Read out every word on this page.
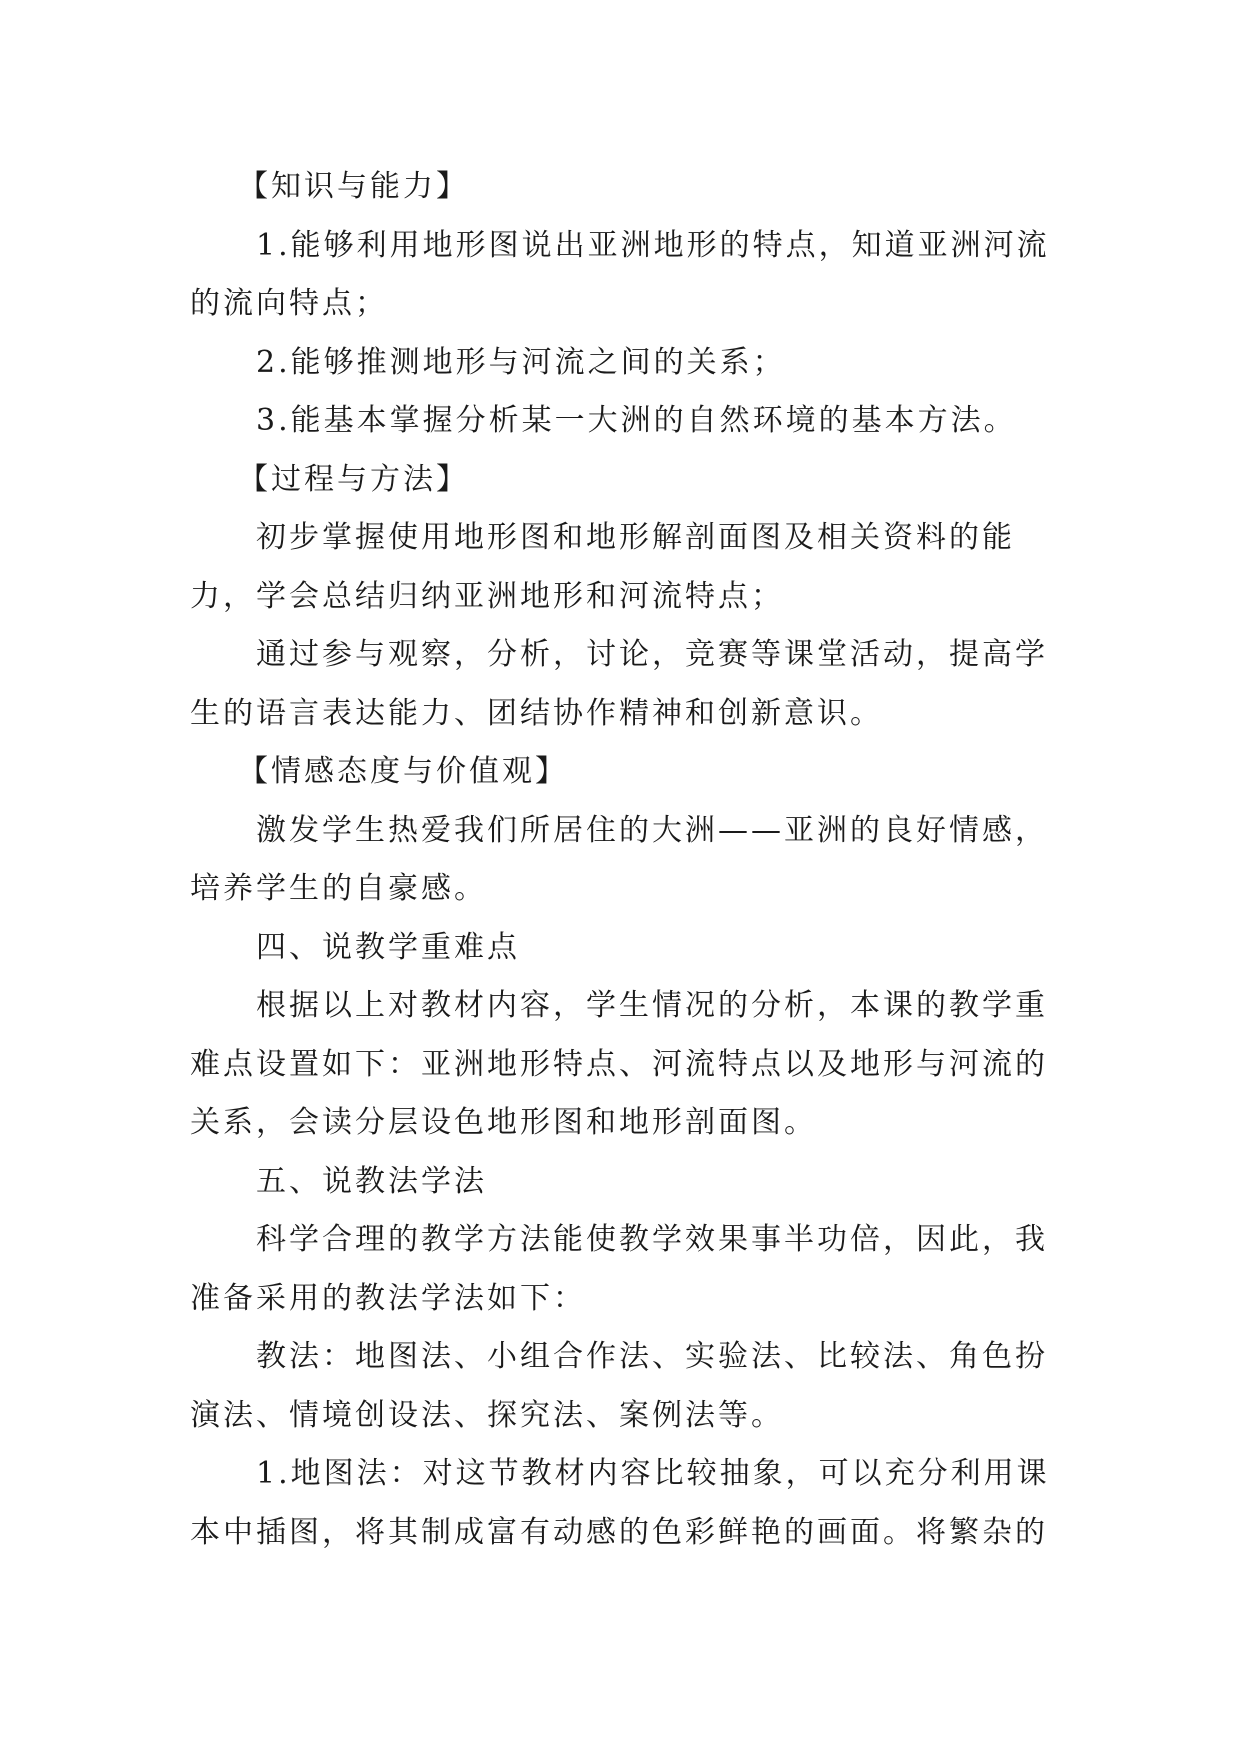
【知识与能力】
1.能够利用地形图说出亚洲地形的特点，知道亚洲河流
的流向特点；
2.能够推测地形与河流之间的关系；
3.能基本掌握分析某一大洲的自然环境的基本方法。
【过程与方法】
初步掌握使用地形图和地形解剖面图及相关资料的能
力，学会总结归纳亚洲地形和河流特点；
通过参与观察，分析，讨论，竞赛等课堂活动，提高学
生的语言表达能力、团结协作精神和创新意识。
【情感态度与价值观】
激发学生热爱我们所居住的大洲——亚洲的良好情感，
培养学生的自豪感。
四、说教学重难点
根据以上对教材内容，学生情况的分析，本课的教学重
难点设置如下：亚洲地形特点、河流特点以及地形与河流的
关系，会读分层设色地形图和地形剖面图。
五、说教法学法
科学合理的教学方法能使教学效果事半功倍，因此，我
准备采用的教法学法如下：
教法：地图法、小组合作法、实验法、比较法、角色扮
演法、情境创设法、探究法、案例法等。
1.地图法：对这节教材内容比较抽象，可以充分利用课
本中插图，将其制成富有动感的色彩鲜艳的画面。将繁杂的
